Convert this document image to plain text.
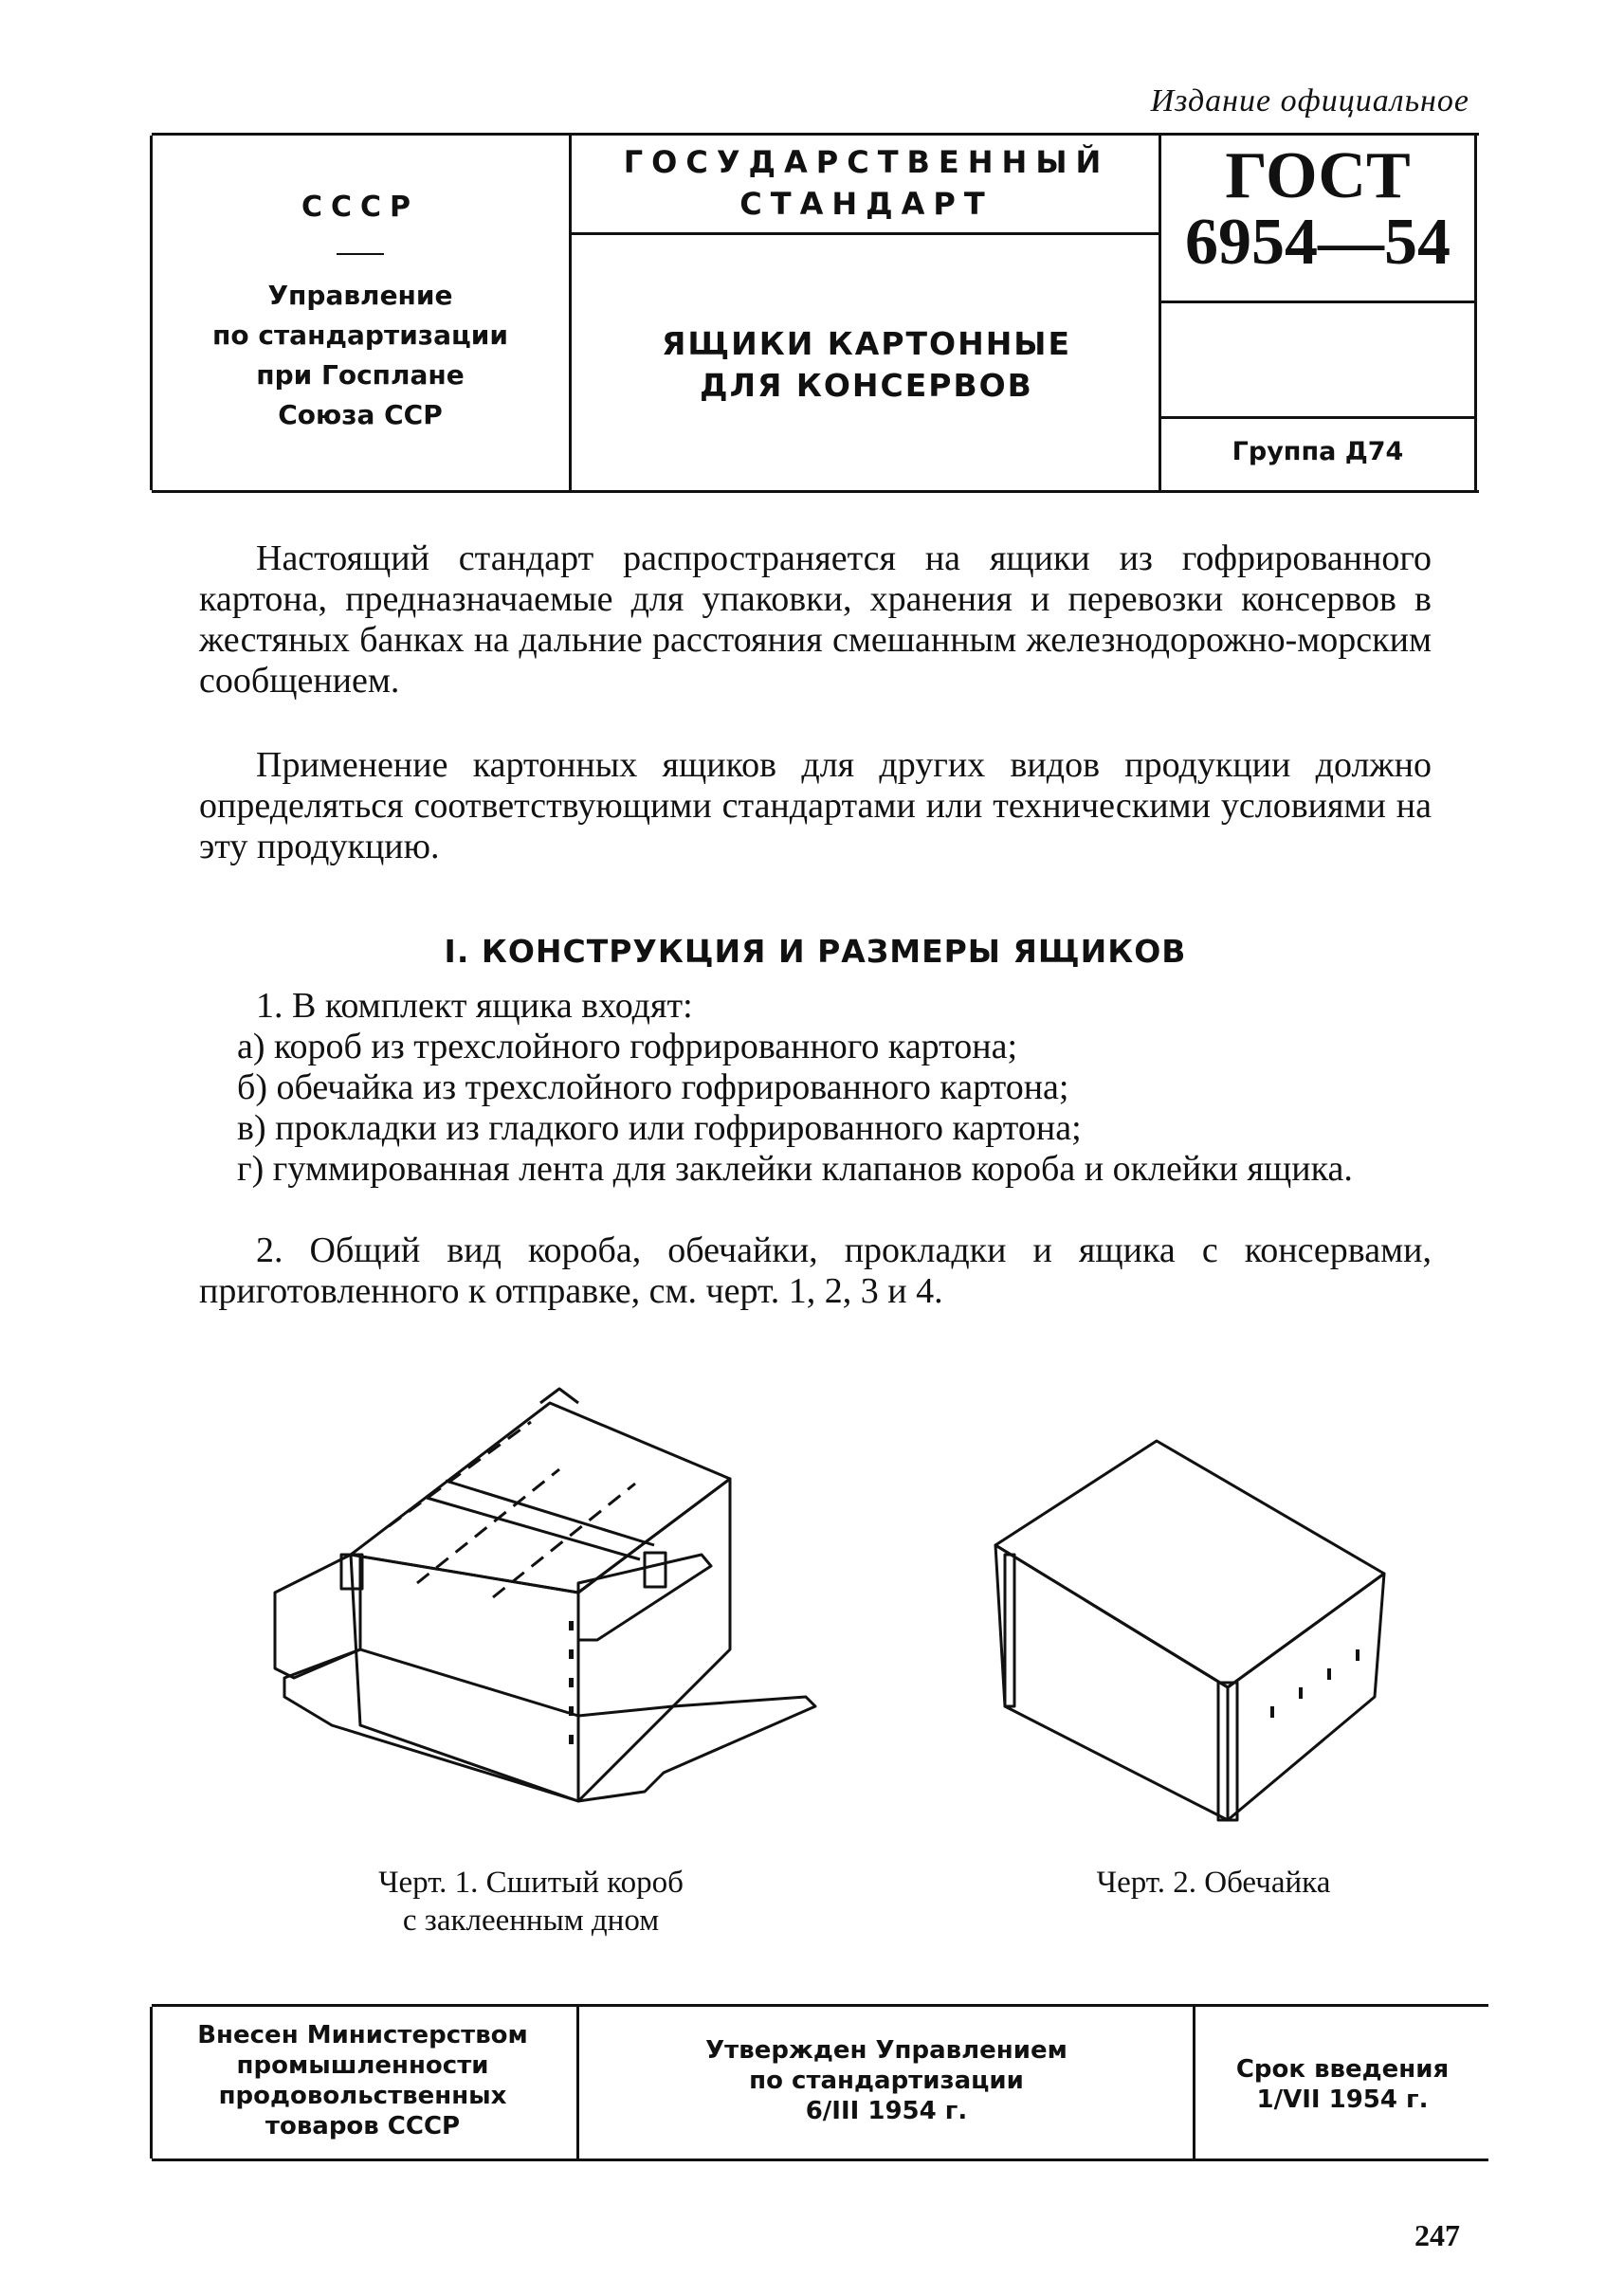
Издание официальное
СССР
Управление
по стандартизации
при Госплане
Союза ССР
ГОСУДАРСТВЕННЫЙ
СТАНДАРТ
ЯЩИКИ КАРТОННЫЕ
ДЛЯ КОНСЕРВОВ
ГОСТ
6954—54
Группа Д74
Настоящий стандарт распространяется на ящики из гофрированного картона, предназначаемые для упаковки, хранения и перевозки консервов в жестяных банках на дальние расстояния смешанным железнодорожно-морским сообщением.
Применение картонных ящиков для других видов продукции должно определяться соответствующими стандартами или техническими условиями на эту продукцию.
I. КОНСТРУКЦИЯ И РАЗМЕРЫ ЯЩИКОВ
1. В комплект ящика входят:
а) короб из трехслойного гофрированного картона;
б) обечайка из трехслойного гофрированного картона;
в) прокладки из гладкого или гофрированного картона;
г) гуммированная лента для заклейки клапанов короба и оклейки ящика.
2. Общий вид короба, обечайки, прокладки и ящика с консервами, приготовленного к отправке, см. черт. 1, 2, 3 и 4.
Черт. 1. Сшитый короб
с заклеенным дном
Черт. 2. Обечайка
Внесен Министерством
промышленности
продовольственных
товаров СССР
Утвержден Управлением
по стандартизации
6/III 1954 г.
Срок введения
1/VII 1954 г.
247
